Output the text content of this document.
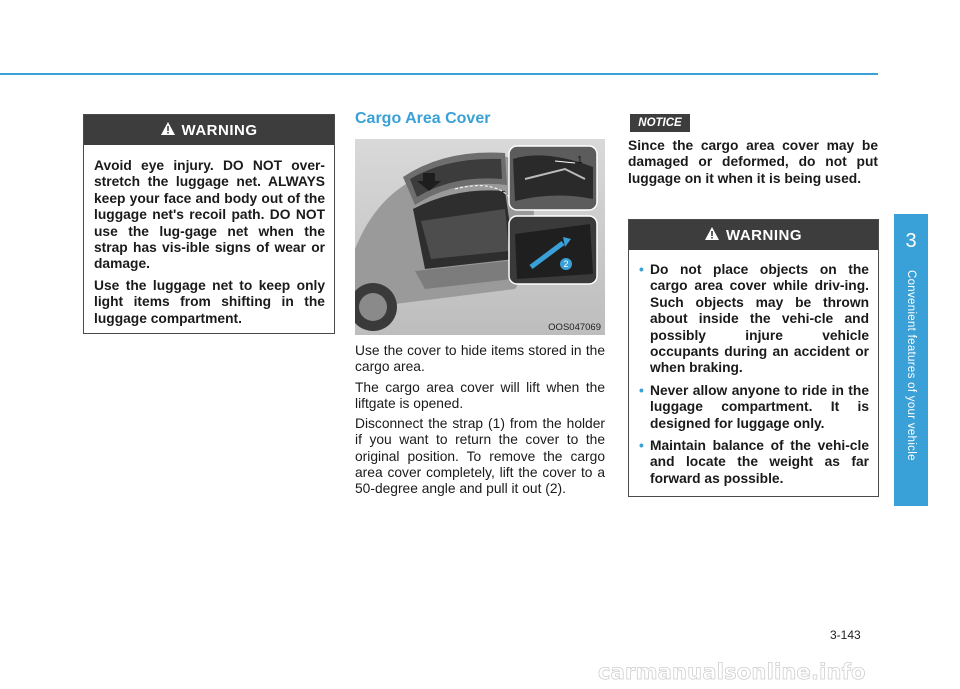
WARNING

Avoid eye injury. DO NOT over-stretch the luggage net. ALWAYS keep your face and body out of the luggage net's recoil path. DO NOT use the lug-gage net when the strap has vis-ible signs of wear or damage.

Use the luggage net to keep only light items from shifting in the luggage compartment.

Cargo Area Cover
1
2
OOS047069

Use the cover to hide items stored in the cargo area.

The cargo area cover will lift when the liftgate is opened.

Disconnect the strap (1) from the holder if you want to return the cover to the original position. To remove the cargo area cover completely, lift the cover to a 50-degree angle and pull it out (2).

NOTICE
Since the cargo area cover may be damaged or deformed, do not put luggage on it when it is being used.
WARNING
• Do not place objects on the cargo area cover while driv-ing. Such objects may be thrown about inside the vehi-cle and possibly injure vehicle occupants during an accident or when braking.
• Never allow anyone to ride in the luggage compartment. It is designed for luggage only.
• Maintain balance of the vehi-cle and locate the weight as far forward as possible.
3
Convenient features of your vehicle
3-143
carmanualsonline.info
